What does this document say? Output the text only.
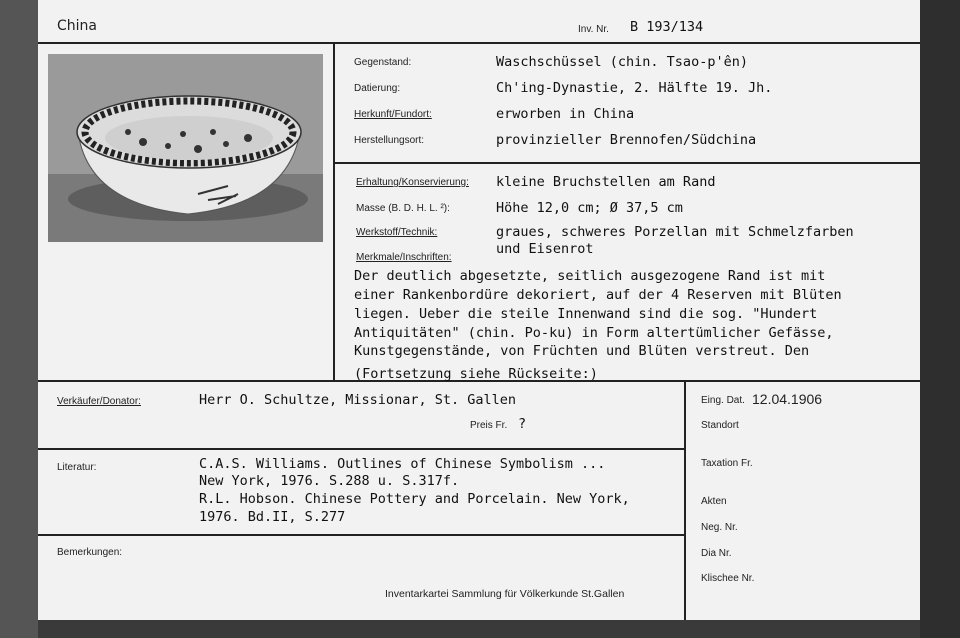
China	Inv. Nr. B 193/134
Gegenstand:	Waschschüssel (chin. Tsao-p'ên)
Datierung:	Ch'ing-Dynastie, 2. Hälfte 19. Jh.
Herkunft/Fundort:	erworben in China
Herstellungsort:	provinzieller Brennofen/Südchina
Erhaltung/Konservierung: kleine Bruchstellen am Rand
Masse (B. D. H. L. ²):	Höhe 12,0 cm; Ø 37,5 cm
Werkstoff/Technik:	graues, schweres Porzellan mit Schmelzfarben
und Eisenrot
Merkmale/Inschriften:
Der deutlich abgesetzte, seitlich ausgezogene Rand ist mit
einer Rankenbordüre dekoriert, auf der 4 Reserven mit Blüten
liegen. Ueber die steile Innenwand sind die sog. "Hundert
Antiquitäten" (chin. Po-ku) in Form altertümlicher Gefässe,
Kunstgegenstände, von Früchten und Blüten verstreut. Den
(Fortsetzung siehe Rückseite:)
Verkäufer/Donator:	Herr O. Schultze, Missionar, St. Gallen
Preis Fr. ?
Eing. Dat. 12.04.1906
Standort
Literatur:	C.A.S. Williams. Outlines of Chinese Symbolism ...
New York, 1976. S.288 u. S.317f.
R.L. Hobson. Chinese Pottery and Porcelain. New York,
1976. Bd.II, S.277
Taxation Fr.
Bemerkungen:
Akten
Neg. Nr.
Dia Nr.
Klischee Nr.
Inventarkartei Sammlung für Völkerkunde St.Gallen
